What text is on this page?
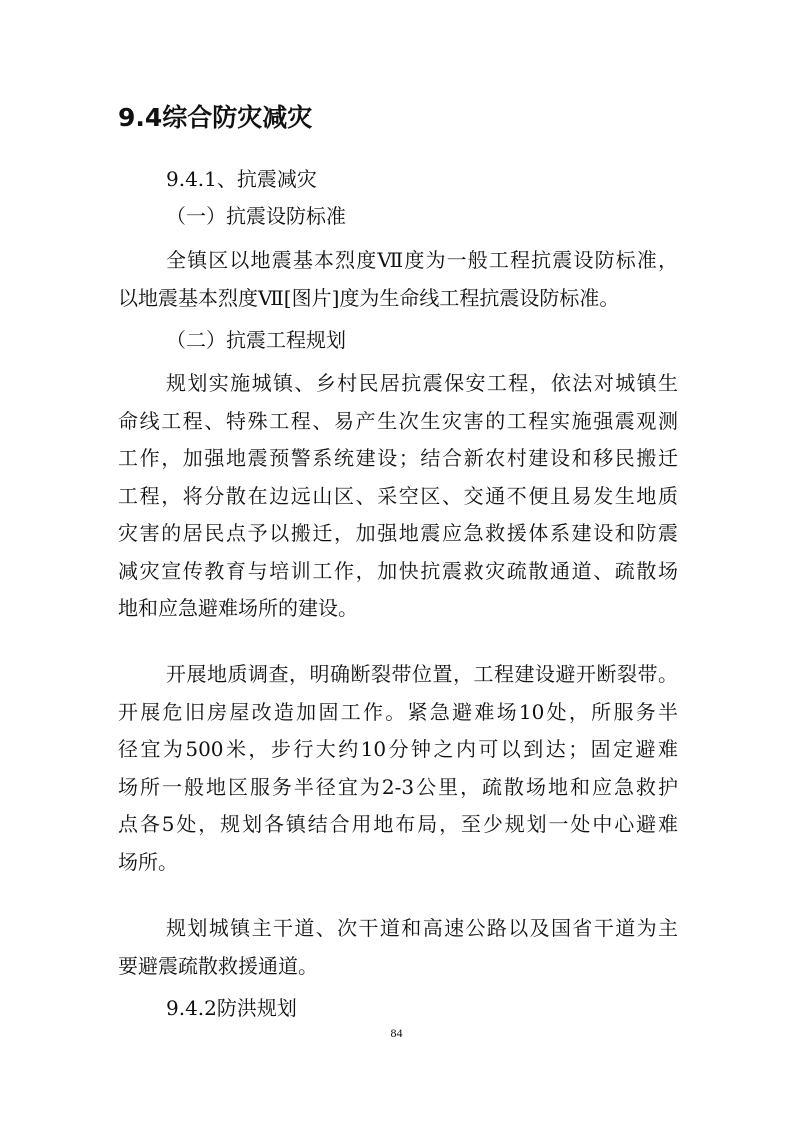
9.4综合防灾减灾

9.4.1、抗震减灾

（一）抗震设防标准

全镇区以地震基本烈度Ⅶ度为一般工程抗震设防标准，
以地震基本烈度Ⅶ[图片]度为生命线工程抗震设防标准。

（二）抗震工程规划

规划实施城镇、乡村民居抗震保安工程，依法对城镇生
命线工程、特殊工程、易产生次生灾害的工程实施强震观测
工作，加强地震预警系统建设；结合新农村建设和移民搬迁
工程，将分散在边远山区、采空区、交通不便且易发生地质
灾害的居民点予以搬迁，加强地震应急救援体系建设和防震
减灾宣传教育与培训工作，加快抗震救灾疏散通道、疏散场
地和应急避难场所的建设。
开展地质调查，明确断裂带位置，工程建设避开断裂带。
开展危旧房屋改造加固工作。紧急避难场10处，所服务半
径宜为500米，步行大约10分钟之内可以到达；固定避难
场所一般地区服务半径宜为2-3公里，疏散场地和应急救护
点各5处，规划各镇结合用地布局，至少规划一处中心避难
场所。
规划城镇主干道、次干道和高速公路以及国省干道为主
要避震疏散救援通道。

9.4.2防洪规划

84
